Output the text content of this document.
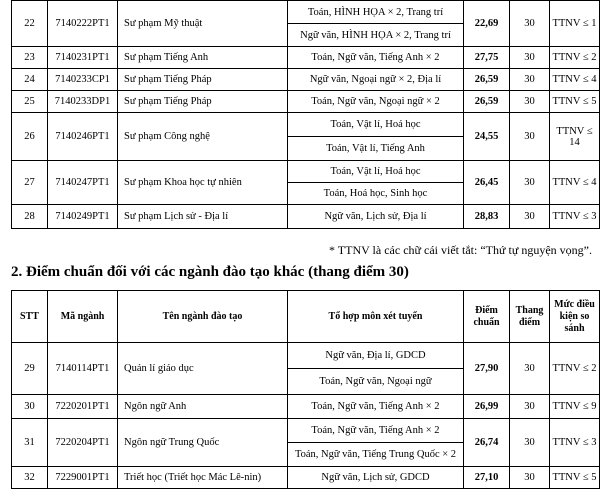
22	7140222PT1	Sư phạm Mỹ thuật	Toán, HÌNH HỌA × 2, Trang trí	22,69	30	TTNV ≤ 1
			Ngữ văn, HÌNH HỌA × 2, Trang trí			
23	7140231PT1	Sư phạm Tiếng Anh	Toán, Ngữ văn, Tiếng Anh × 2	27,75	30	TTNV ≤ 2
24	7140233CP1	Sư phạm Tiếng Pháp	Ngữ văn, Ngoại ngữ × 2, Địa lí	26,59	30	TTNV ≤ 4
25	7140233DP1	Sư phạm Tiếng Pháp	Toán, Ngữ văn, Ngoại ngữ × 2	26,59	30	TTNV ≤ 5
26	7140246PT1	Sư phạm Công nghệ	Toán, Vật lí, Hoá học	24,55	30	TTNV ≤ 14
			Toán, Vật lí, Tiếng Anh			
27	7140247PT1	Sư phạm Khoa học tự nhiên	Toán, Vật lí, Hoá học	26,45	30	TTNV ≤ 4
			Toán, Hoá học, Sinh học			
28	7140249PT1	Sư phạm Lịch sử - Địa lí	Ngữ văn, Lịch sử, Địa lí	28,83	30	TTNV ≤ 3
* TTNV là các chữ cái viết tắt: “Thứ tự nguyện vọng”.
2. Điểm chuẩn đối với các ngành đào tạo khác (thang điểm 30)
STT	Mã ngành	Tên ngành đào tạo	Tổ hợp môn xét tuyển	Điểm chuẩn	Thang điểm	Mức điều kiện so sánh
29	7140114PT1	Quản lí giáo dục	Ngữ văn, Địa lí, GDCD	27,90	30	TTNV ≤ 2
			Toán, Ngữ văn, Ngoại ngữ			
30	7220201PT1	Ngôn ngữ Anh	Toán, Ngữ văn, Tiếng Anh × 2	26,99	30	TTNV ≤ 9
31	7220204PT1	Ngôn ngữ Trung Quốc	Toán, Ngữ văn, Tiếng Anh × 2	26,74	30	TTNV ≤ 3
			Toán, Ngữ văn, Tiếng Trung Quốc × 2			
32	7229001PT1	Triết học (Triết học Mác Lê-nin)	Ngữ văn, Lịch sử, GDCD	27,10	30	TTNV ≤ 5
